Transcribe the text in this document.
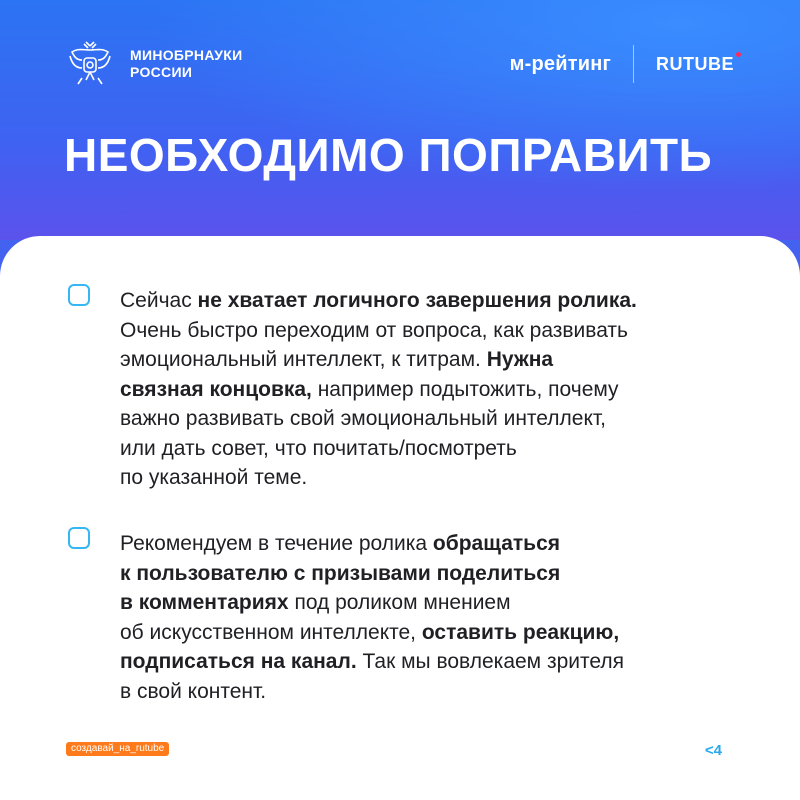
МИНОБРНАУКИ
РОССИИ	м-рейтинг	RUTUBE
НЕОБХОДИМО ПОПРАВИТЬ
Сейчас не хватает логичного завершения ролика.
Очень быстро переходим от вопроса, как развивать
эмоциональный интеллект, к титрам. Нужна
связная концовка, например подытожить, почему
важно развивать свой эмоциональный интеллект,
или дать совет, что почитать/посмотреть
по указанной теме.
Рекомендуем в течение ролика обращаться
к пользователю с призывами поделиться
в комментариях под роликом мнением
об искусственном интеллекте, оставить реакцию,
подписаться на канал. Так мы вовлекаем зрителя
в свой контент.
создавай_на_rutube	<4
